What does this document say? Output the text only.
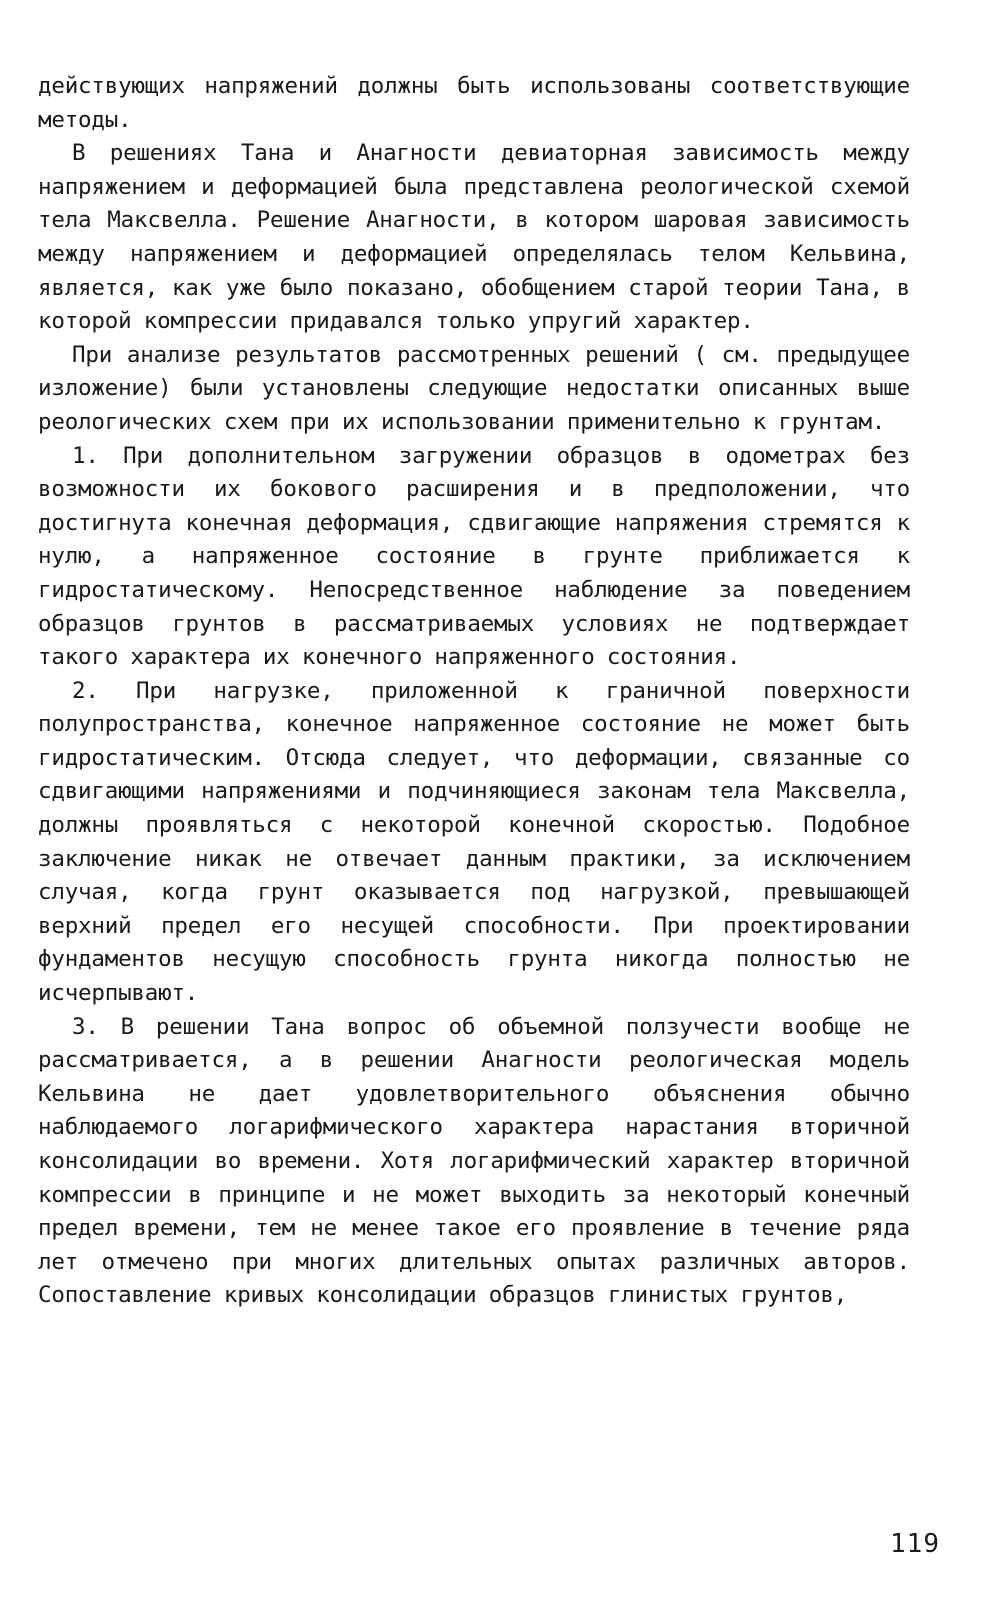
действующих напряжений должны быть использованы соответствующие методы.

В решениях Тана и Анагности девиаторная зависимость между напряжением и деформацией была представлена реологической схемой тела Максвелла. Решение Анагности, в котором шаровая зависимость между напряжением и деформацией определялась телом Кельвина, является, как уже было показано, обобщением старой теории Тана, в которой компрессии придавался только упругий характер.

При анализе результатов рассмотренных решений ( см. предыдущее изложение) были установлены следующие недостатки описанных выше реологических схем при их использовании применительно к грунтам.

1. При дополнительном загружении образцов в одометрах без возможности их бокового расширения и в предположении, что достигнута конечная деформация, сдвигающие напряжения стремятся к нулю, а напряженное состояние в грунте приближается к гидростатическому. Непосредственное наблюдение за поведением образцов грунтов в рассматриваемых условиях не подтверждает такого характера их конечного напряженного состояния.

2. При нагрузке, приложенной к граничной поверхности полупространства, конечное напряженное состояние не может быть гидростатическим. Отсюда следует, что деформации, связанные со сдвигающими напряжениями и подчиняющиеся законам тела Максвелла, должны проявляться с некоторой конечной скоростью. Подобное заключение никак не отвечает данным практики, за исключением случая, когда грунт оказывается под нагрузкой, превышающей верхний предел его несущей способности. При проектировании фундаментов несущую способность грунта никогда полностью не исчерпывают.

3. В решении Тана вопрос об объемной ползучести вообще не рассматривается, а в решении Анагности реологическая модель Кельвина не дает удовлетворительного объяснения обычно наблюдаемого логарифмического характера нарастания вторичной консолидации во времени. Хотя логарифмический характер вторичной компрессии в принципе и не может выходить за некоторый конечный предел времени, тем не менее такое его проявление в течение ряда лет отмечено при многих длительных опытах различных авторов. Сопоставление кривых консолидации образцов глинистых грунтов,

119
